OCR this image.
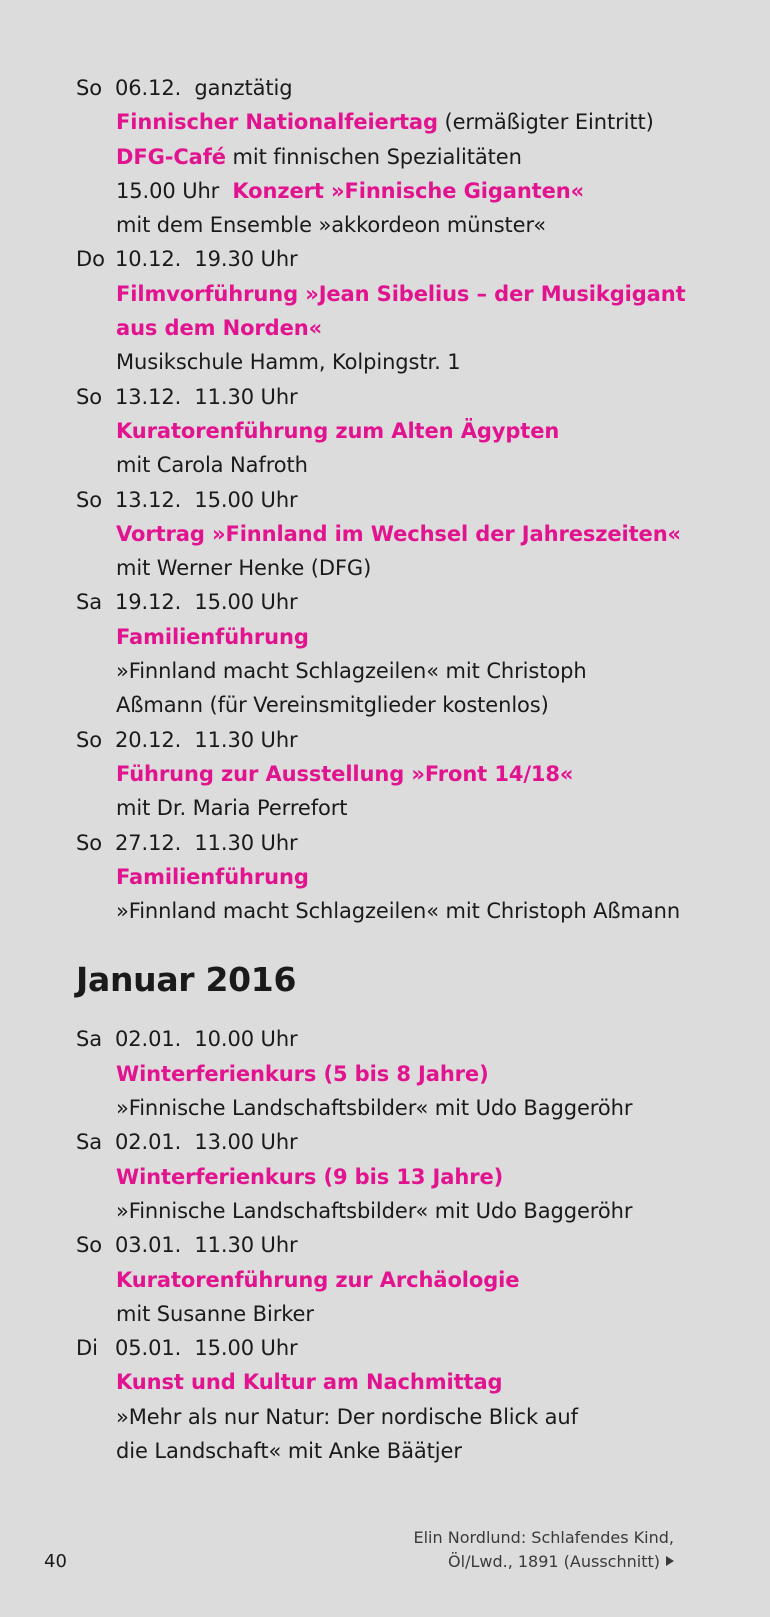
So 06.12. ganztätig
Finnischer Nationalfeiertag (ermäßigter Eintritt)
DFG-Café mit finnischen Spezialitäten
15.00 Uhr Konzert »Finnische Giganten«
mit dem Ensemble »akkordeon münster«
Do 10.12. 19.30 Uhr
Filmvorführung »Jean Sibelius – der Musikgigant
aus dem Norden«
Musikschule Hamm, Kolpingstr. 1
So 13.12. 11.30 Uhr
Kuratorenführung zum Alten Ägypten
mit Carola Nafroth
So 13.12. 15.00 Uhr
Vortrag »Finnland im Wechsel der Jahreszeiten«
mit Werner Henke (DFG)
Sa 19.12. 15.00 Uhr
Familienführung
»Finnland macht Schlagzeilen« mit Christoph
Aßmann (für Vereinsmitglieder kostenlos)
So 20.12. 11.30 Uhr
Führung zur Ausstellung »Front 14/18«
mit Dr. Maria Perrefort
So 27.12. 11.30 Uhr
Familienführung
»Finnland macht Schlagzeilen« mit Christoph Aßmann
Januar 2016
Sa 02.01. 10.00 Uhr
Winterferienkurs (5 bis 8 Jahre)
»Finnische Landschaftsbilder« mit Udo Baggeröhr
Sa 02.01. 13.00 Uhr
Winterferienkurs (9 bis 13 Jahre)
»Finnische Landschaftsbilder« mit Udo Baggeröhr
So 03.01. 11.30 Uhr
Kuratorenführung zur Archäologie
mit Susanne Birker
Di 05.01. 15.00 Uhr
Kunst und Kultur am Nachmittag
»Mehr als nur Natur: Der nordische Blick auf
die Landschaft« mit Anke Bäätjer
40
Elin Nordlund: Schlafendes Kind,
Öl/Lwd., 1891 (Ausschnitt)
